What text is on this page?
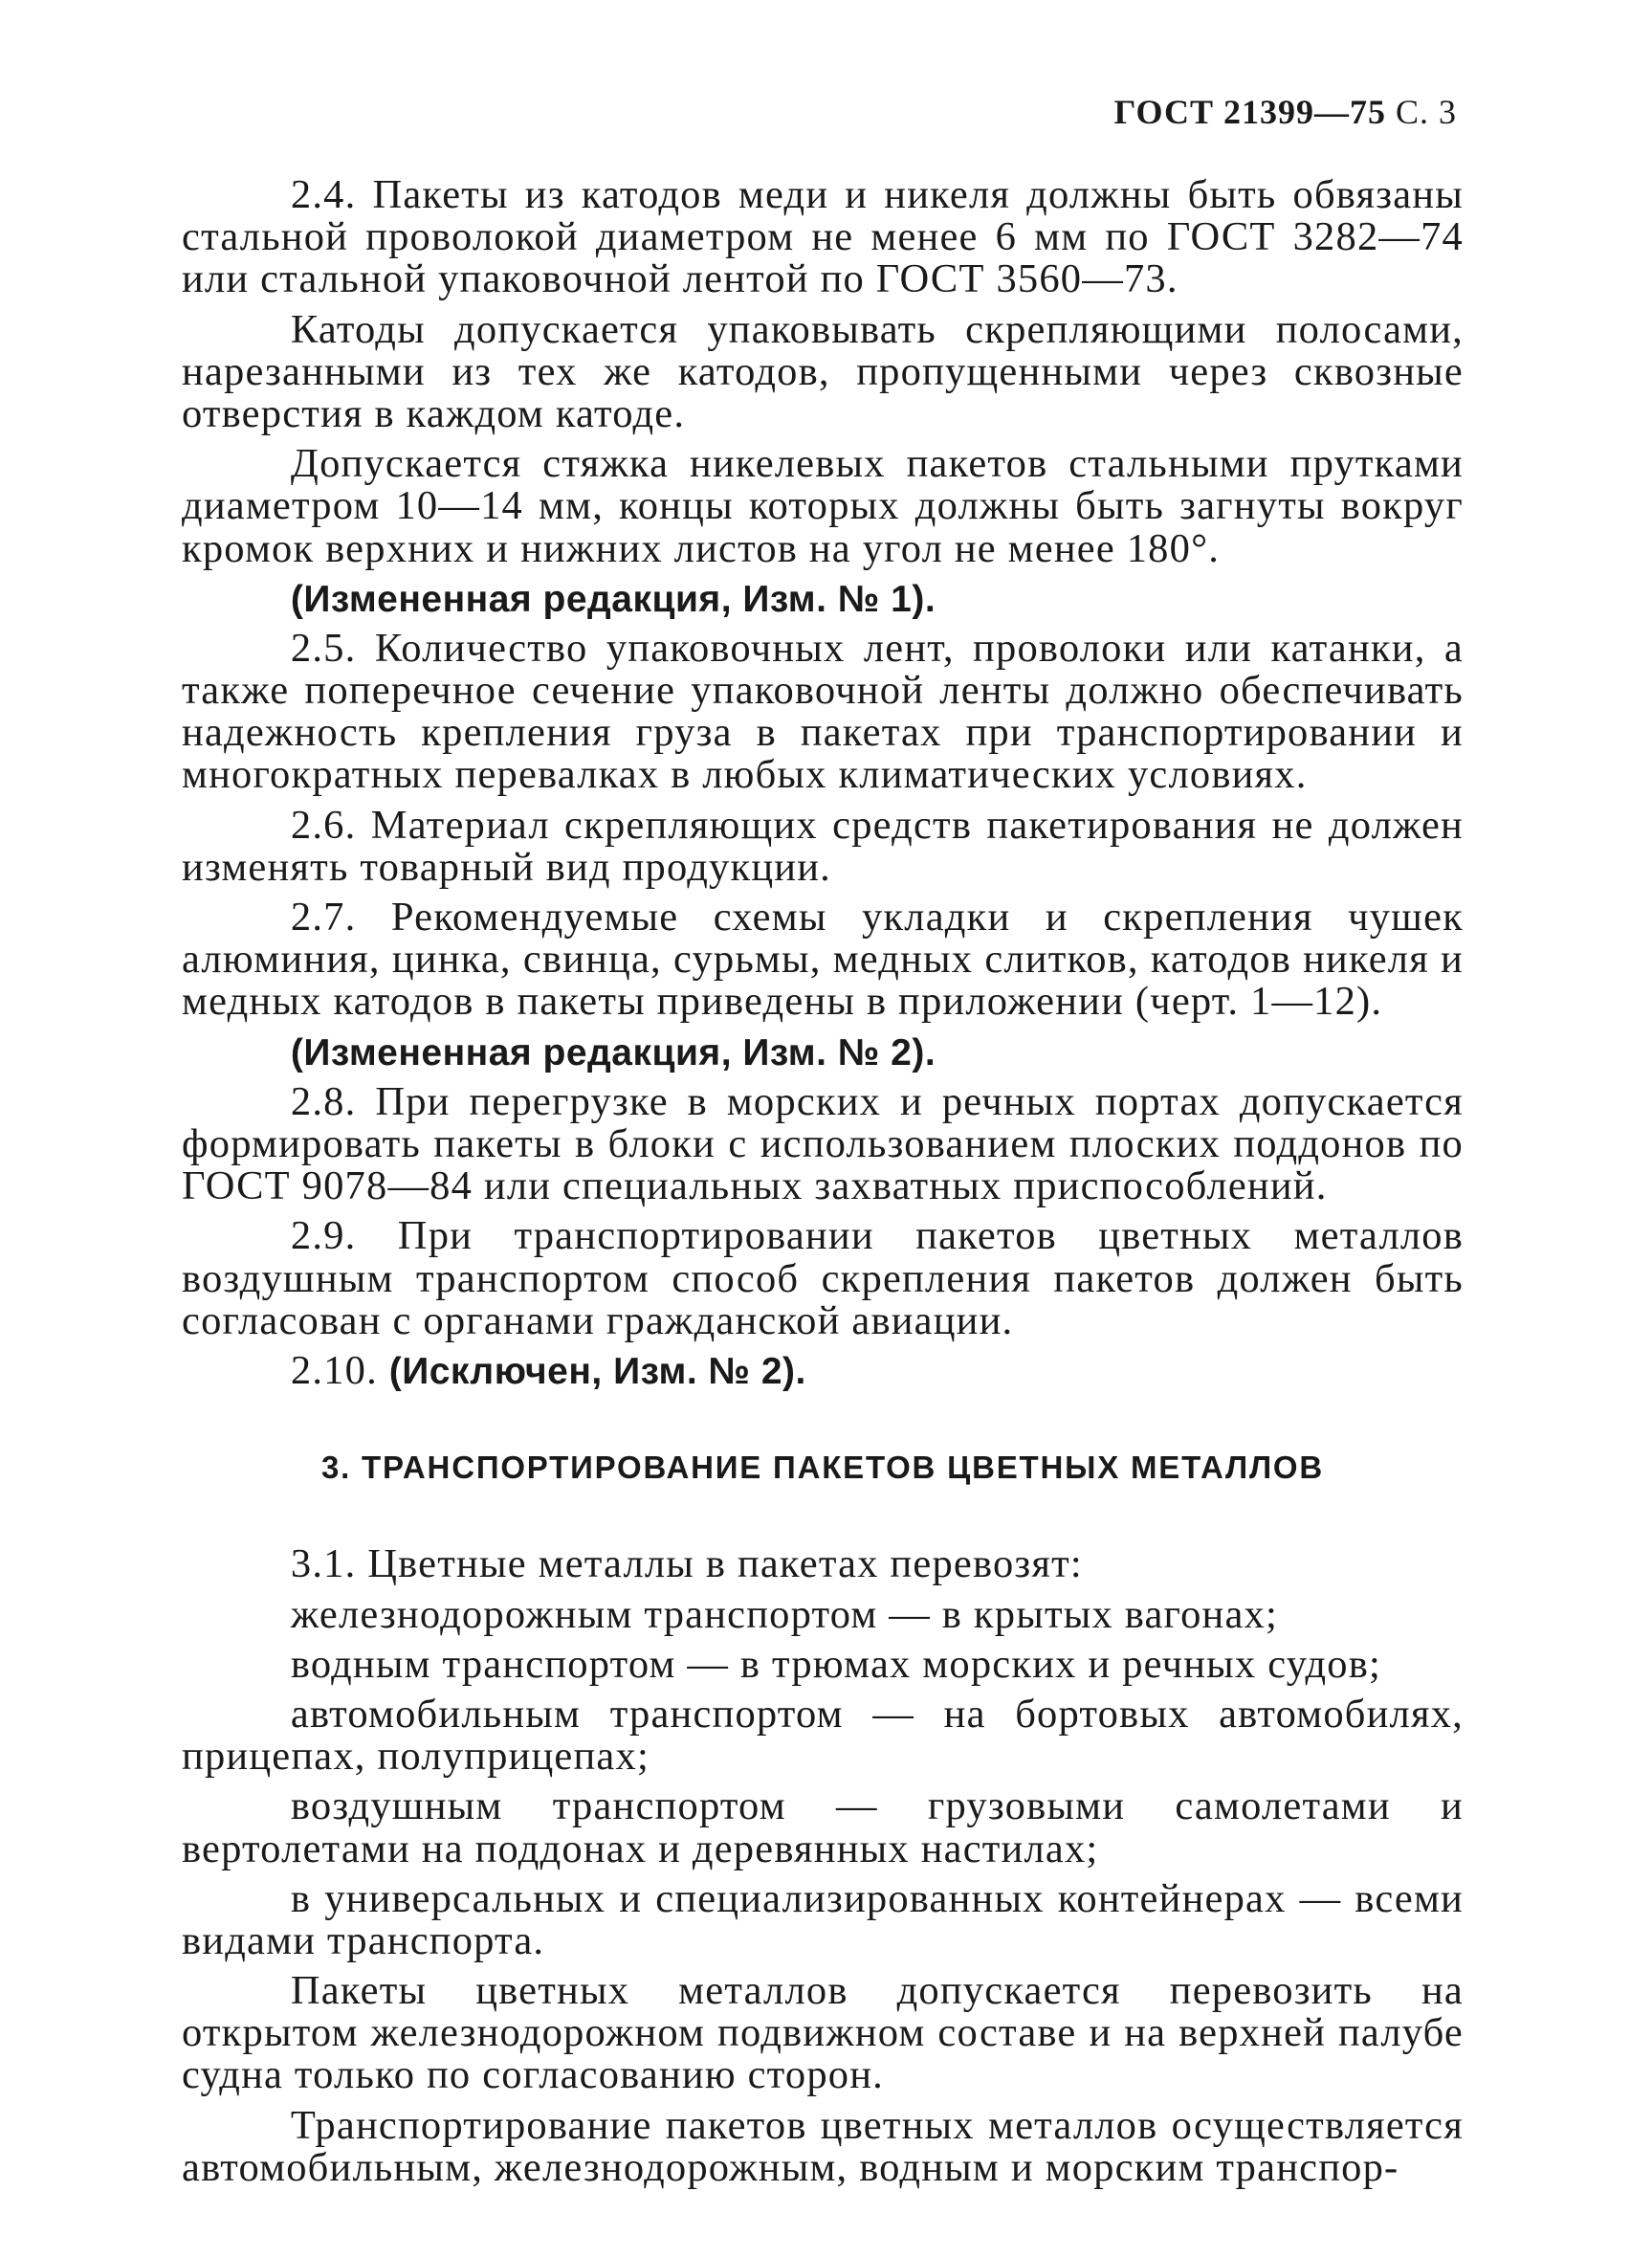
ГОСТ 21399—75 С. 3

2.4. Пакеты из катодов меди и никеля должны быть обвязаны стальной проволокой диаметром не менее 6 мм по ГОСТ 3282—74 или стальной упаковочной лентой по ГОСТ 3560—73.

Катоды допускается упаковывать скрепляющими полосами, нарезанными из тех же катодов, пропущенными через сквозные отверстия в каждом катоде.

Допускается стяжка никелевых пакетов стальными прутками диаметром 10—14 мм, концы которых должны быть загнуты вокруг кромок верхних и нижних листов на угол не менее 180°.

(Измененная редакция, Изм. № 1).

2.5. Количество упаковочных лент, проволоки или катанки, а также поперечное сечение упаковочной ленты должно обеспечивать надежность крепления груза в пакетах при транспортировании и многократных перевалках в любых климатических условиях.

2.6. Материал скрепляющих средств пакетирования не должен изменять товарный вид продукции.

2.7. Рекомендуемые схемы укладки и скрепления чушек алюминия, цинка, свинца, сурьмы, медных слитков, катодов никеля и медных катодов в пакеты приведены в приложении (черт. 1—12).

(Измененная редакция, Изм. № 2).

2.8. При перегрузке в морских и речных портах допускается формировать пакеты в блоки с использованием плоских поддонов по ГОСТ 9078—84 или специальных захватных приспособлений.

2.9. При транспортировании пакетов цветных металлов воздушным транспортом способ скрепления пакетов должен быть согласован с органами гражданской авиации.

2.10. (Исключен, Изм. № 2).

3. ТРАНСПОРТИРОВАНИЕ ПАКЕТОВ ЦВЕТНЫХ МЕТАЛЛОВ

3.1. Цветные металлы в пакетах перевозят:

железнодорожным транспортом — в крытых вагонах;

водным транспортом — в трюмах морских и речных судов;

автомобильным транспортом — на бортовых автомобилях, прицепах, полуприцепах;

воздушным транспортом — грузовыми самолетами и вертолетами на поддонах и деревянных настилах;

в универсальных и специализированных контейнерах — всеми видами транспорта.

Пакеты цветных металлов допускается перевозить на открытом железнодорожном подвижном составе и на верхней палубе судна только по согласованию сторон.

Транспортирование пакетов цветных металлов осуществляется автомобильным, железнодорожным, водным и морским транспор-
